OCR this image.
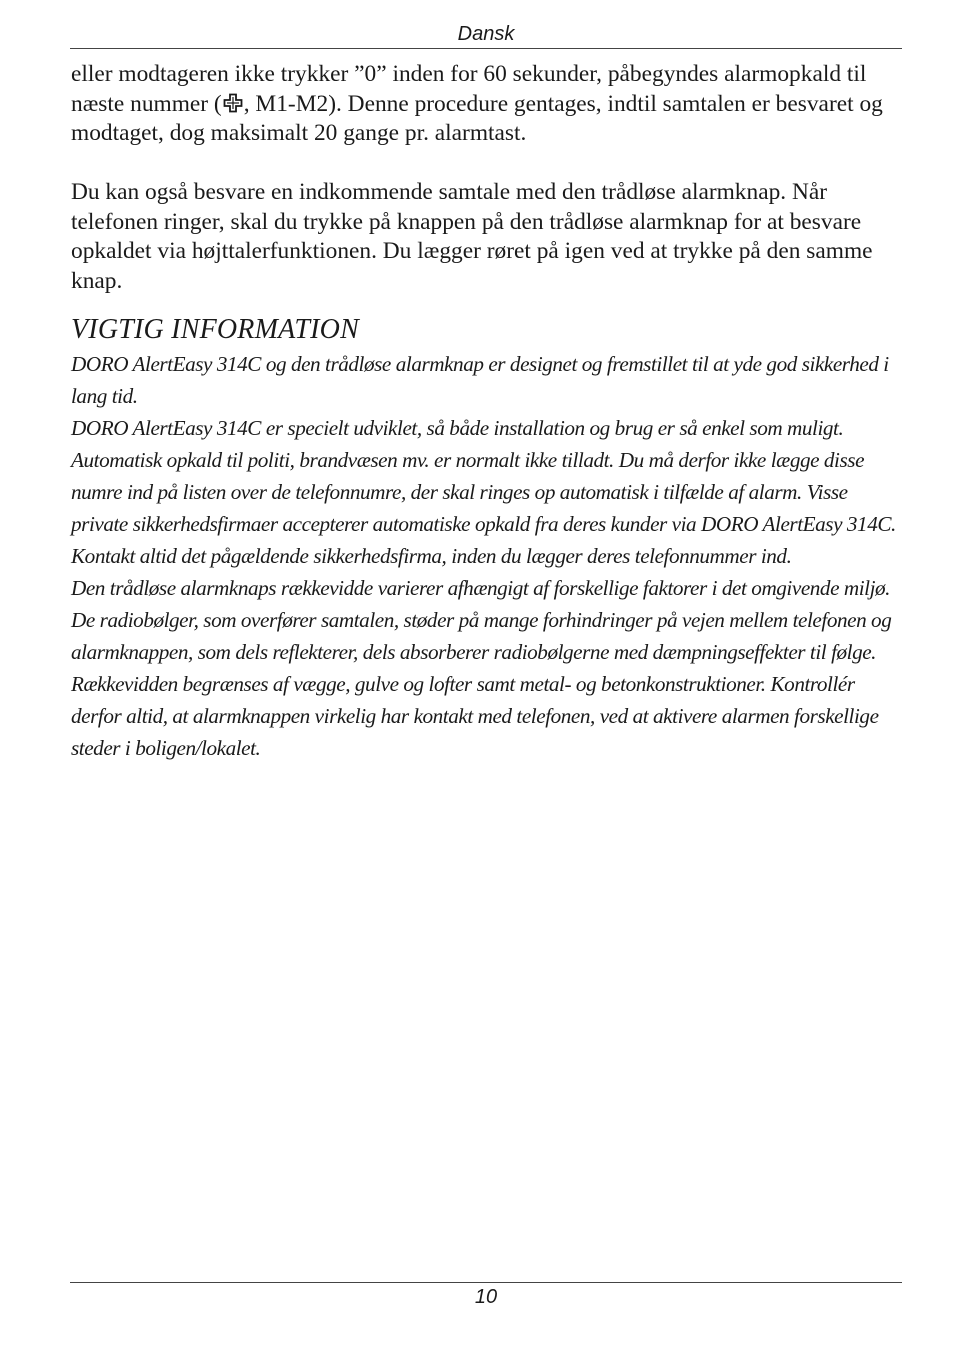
Dansk

eller modtageren ikke trykker ”0” inden for 60 sekunder, påbegyndes alarmopkald til næste nummer ( , M1-M2). Denne procedure gentages, indtil samtalen er besvaret og modtaget, dog maksimalt 20 gange pr. alarmtast.

Du kan også besvare en indkommende samtale med den trådløse alarmknap. Når telefonen ringer, skal du trykke på knappen på den trådløse alarmknap for at besvare opkaldet via højttalerfunktionen. Du lægger røret på igen ved at trykke på den samme knap.

VIGTIG INFORMATION

DORO AlertEasy 314C og den trådløse alarmknap er designet og fremstillet til at yde god sikkerhed i lang tid.

DORO AlertEasy 314C er specielt udviklet, så både installation og brug er så enkel som muligt.

Automatisk opkald til politi, brandvæsen mv. er normalt ikke tilladt. Du må derfor ikke lægge disse numre ind på listen over de telefonnumre, der skal ringes op automatisk i tilfælde af alarm. Visse private sikkerhedsfirmaer accepterer automatiske opkald fra deres kunder via DORO AlertEasy 314C. Kontakt altid det pågældende sikkerhedsfirma, inden du lægger deres telefonnummer ind.

Den trådløse alarmknaps rækkevidde varierer afhængigt af forskellige faktorer i det omgivende miljø. De radiobølger, som overfører samtalen, støder på mange forhindringer på vejen mellem telefonen og alarmknappen, som dels reflekterer, dels absorberer radiobølgerne med dæmpningseffekter til følge. Rækkevidden begrænses af vægge, gulve og lofter samt metal- og betonkonstruktioner. Kontrollér derfor altid, at alarmknappen virkelig har kontakt med telefonen, ved at aktivere alarmen forskellige steder i boligen/lokalet.

10
